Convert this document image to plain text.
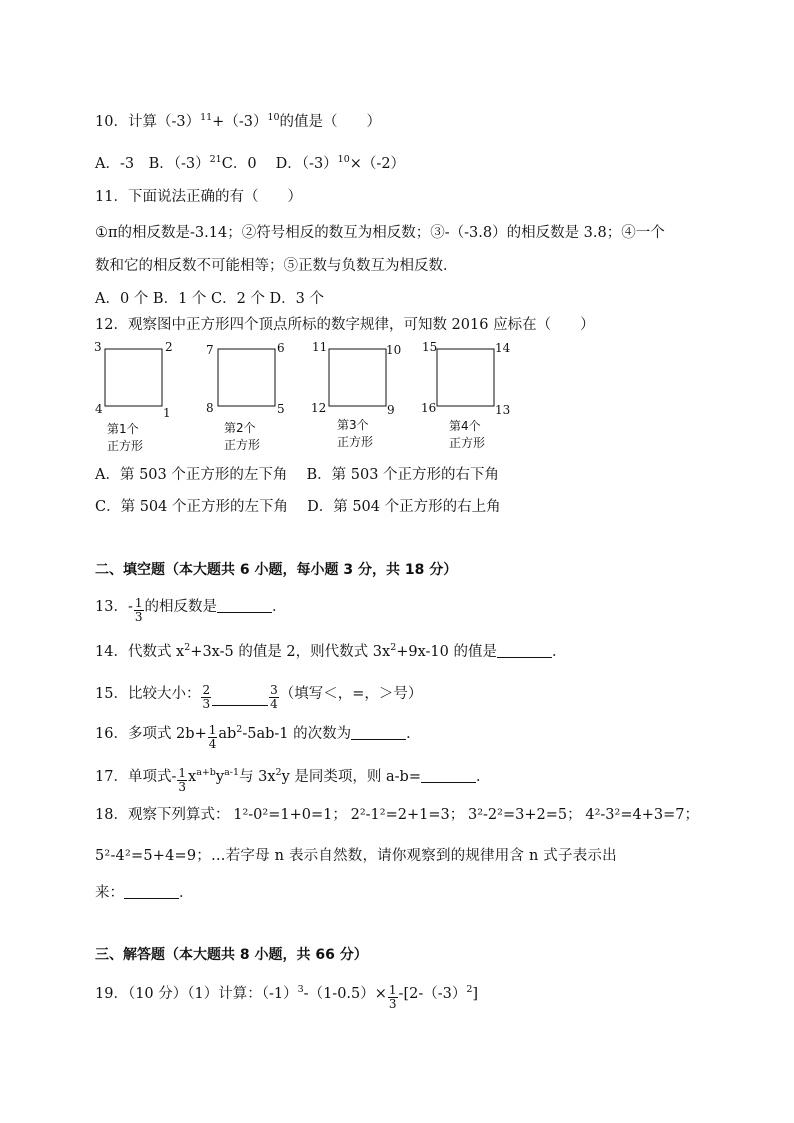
10．计算$(-3)^{11}+(-3)^{10}$的值是（　　）
A．-3　B．$(-3)^{21}C$．0　 D．$(-3)^{10}\times(-2)$
11．下面说法正确的有（　　）
①π的相反数是-3.14；②符号相反的数互为相反数；③-（-3.8）的相反数是 3.8；④一个
数和它的相反数不可能相等；⑤正数与负数互为相反数．
A．0 个 B．1 个 C．2 个 D．3 个
12．观察图中正方形四个顶点所标的数字规律，可知数 2016 应标在（　　）
3	2
4	1
第1个
正方形
7	6
8	5
第2个
正方形
11	10
12	9
第3个
正方形
15	14
16	13
第4个
正方形
A．第 503 个正方形的左下角　 B．第 503 个正方形的右下角
C．第 504 个正方形的左下角　 D．第 504 个正方形的右上角
二、填空题（本大题共 6 小题，每小题 3 分，共 18 分）
13．- $\frac{1}{3}$ 的相反数是	．
14．代数式 $x^2+3x-5$ 的值是 2，则代数式 $3x^2+9x-10$ 的值是	．
15．比较大小： $\frac{2}{3}$	$\frac{3}{4}$ （填写＜，=，＞号）
16．多项式 $2b+ \frac{1}{4} ab^2-5ab-1$ 的次数为	．
17．单项式- $\frac{1}{3} x^{a+b}y^{a-1}$与 $3x^2y$ 是同类项，则 a-b=	．
18．观察下列算式： 1²-0²=1+0=1； 2²-1²=2+1=3； 3²-2²=3+2=5； 4²-3²=4+3=7；
5²-4²=5+4=9；…若字母 n 表示自然数，请你观察到的规律用含 n 式子表示出
来：	．
三、解答题（本大题共 8 小题，共 66 分）
19．（10 分）（1）计算：$(-1)^3-(1-0.5)\times \frac{1}{3} -[2-(-3)^2]$
